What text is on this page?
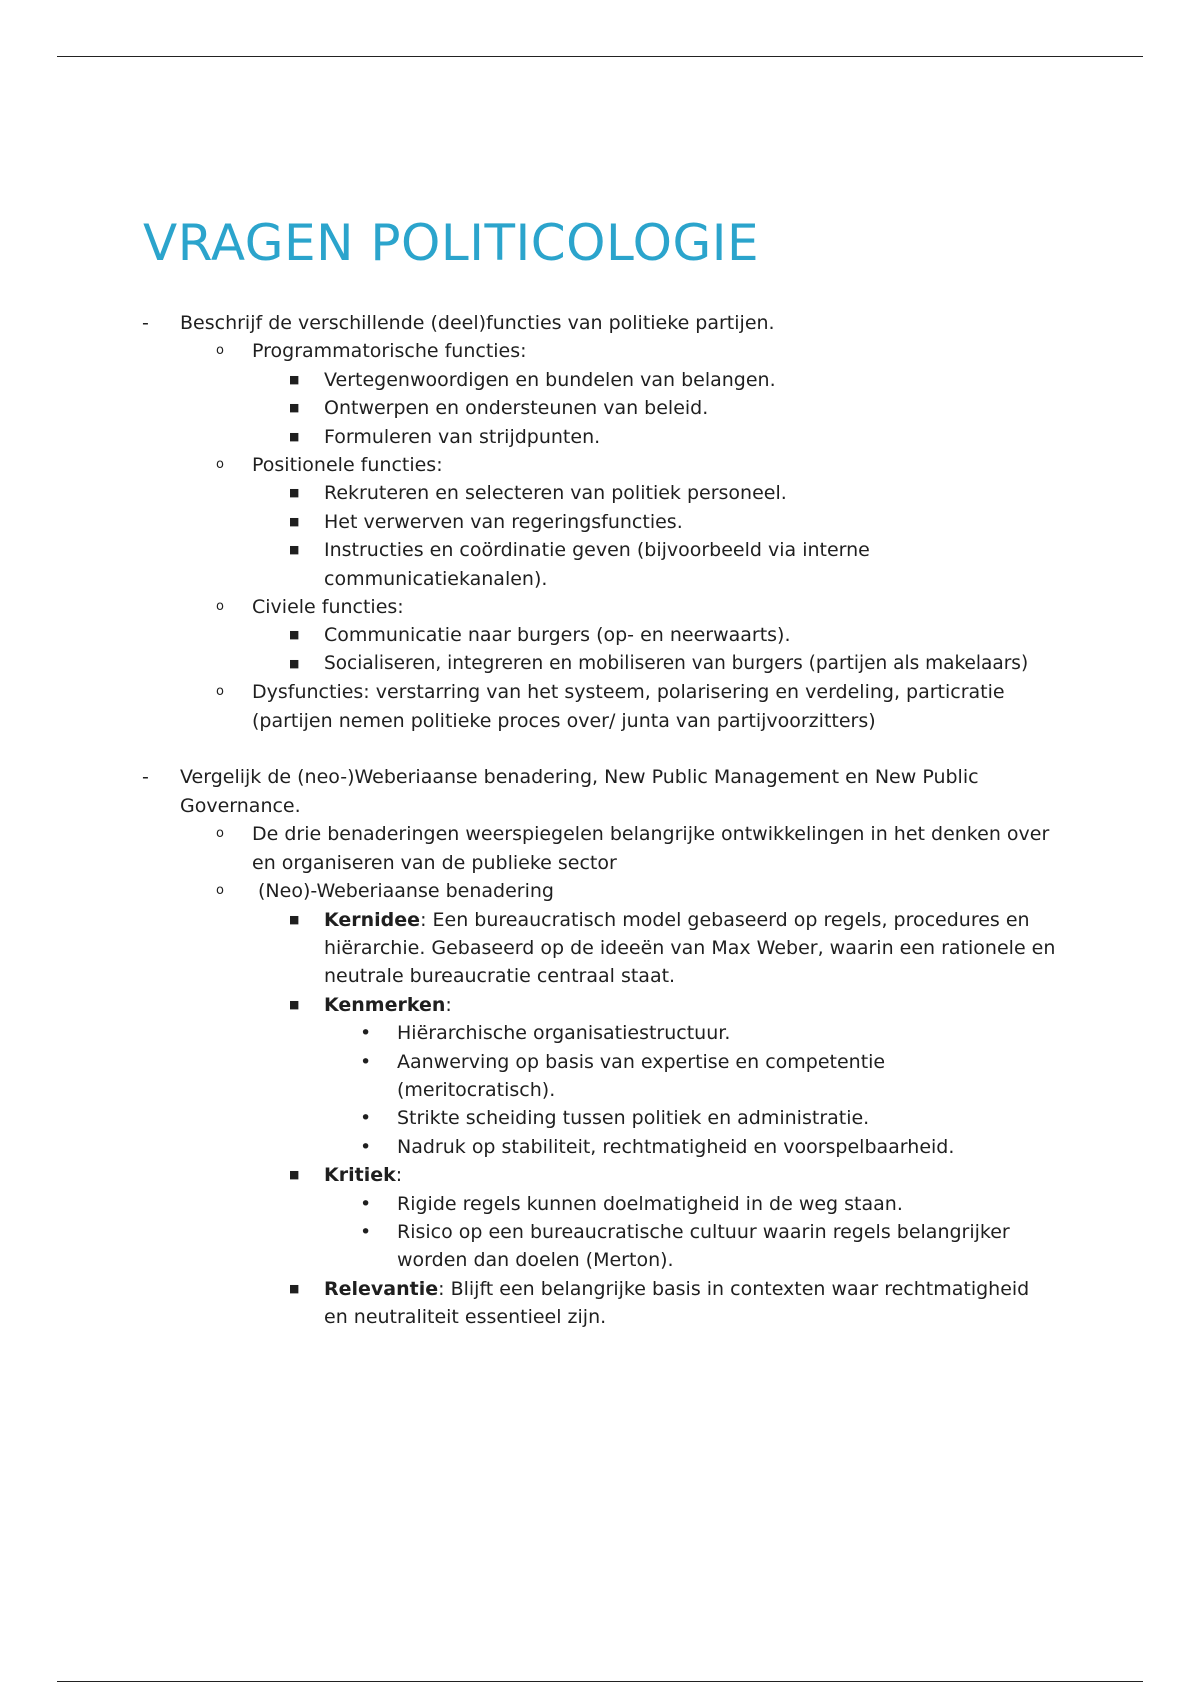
VRAGEN POLITICOLOGIE
- Beschrijf de verschillende (deel)functies van politieke partijen.
o Programmatorische functies:
■ Vertegenwoordigen en bundelen van belangen.
■ Ontwerpen en ondersteunen van beleid.
■ Formuleren van strijdpunten.
o Positionele functies:
■ Rekruteren en selecteren van politiek personeel.
■ Het verwerven van regeringsfuncties.
■ Instructies en coördinatie geven (bijvoorbeeld via interne communicatiekanalen).
o Civiele functies:
■ Communicatie naar burgers (op- en neerwaarts).
■ Socialiseren, integreren en mobiliseren van burgers (partijen als makelaars)
o Dysfuncties: verstarring van het systeem, polarisering en verdeling, particratie (partijen nemen politieke proces over/ junta van partijvoorzitters)
- Vergelijk de (neo-)Weberiaanse benadering, New Public Management en New Public Governance.
o De drie benaderingen weerspiegelen belangrijke ontwikkelingen in het denken over en organiseren van de publieke sector
o (Neo)-Weberiaanse benadering
■ Kernidee: Een bureaucratisch model gebaseerd op regels, procedures en hiërarchie. Gebaseerd op de ideeën van Max Weber, waarin een rationele en neutrale bureaucratie centraal staat.
■ Kenmerken:
• Hiërarchische organisatiestructuur.
• Aanwerving op basis van expertise en competentie (meritocratisch).
• Strikte scheiding tussen politiek en administratie.
• Nadruk op stabiliteit, rechtmatigheid en voorspelbaarheid.
■ Kritiek:
• Rigide regels kunnen doelmatigheid in de weg staan.
• Risico op een bureaucratische cultuur waarin regels belangrijker worden dan doelen (Merton).
■ Relevantie: Blijft een belangrijke basis in contexten waar rechtmatigheid en neutraliteit essentieel zijn.
